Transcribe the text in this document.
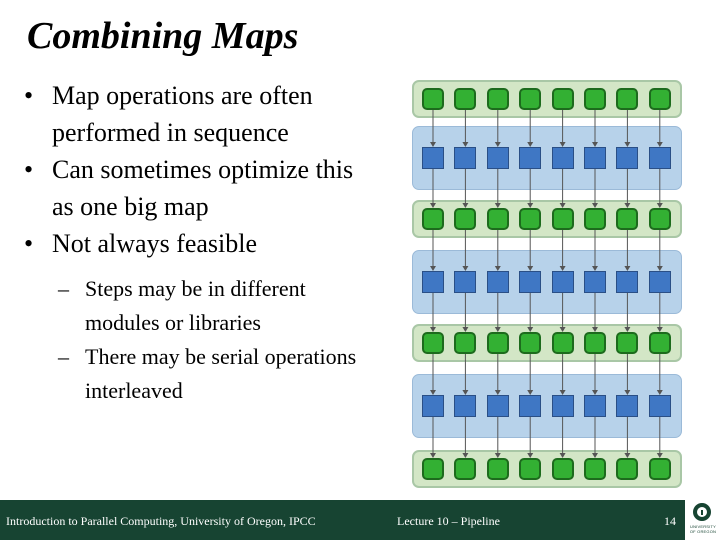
Combining Maps
• Map operations are often performed in sequence
• Can sometimes optimize this as one big map
• Not always feasible
– Steps may be in different modules or libraries
– There may be serial operations interleaved
Introduction to Parallel Computing, University of Oregon, IPCC	Lecture 10 – Pipeline	14	UNIVERSITY OF OREGON
